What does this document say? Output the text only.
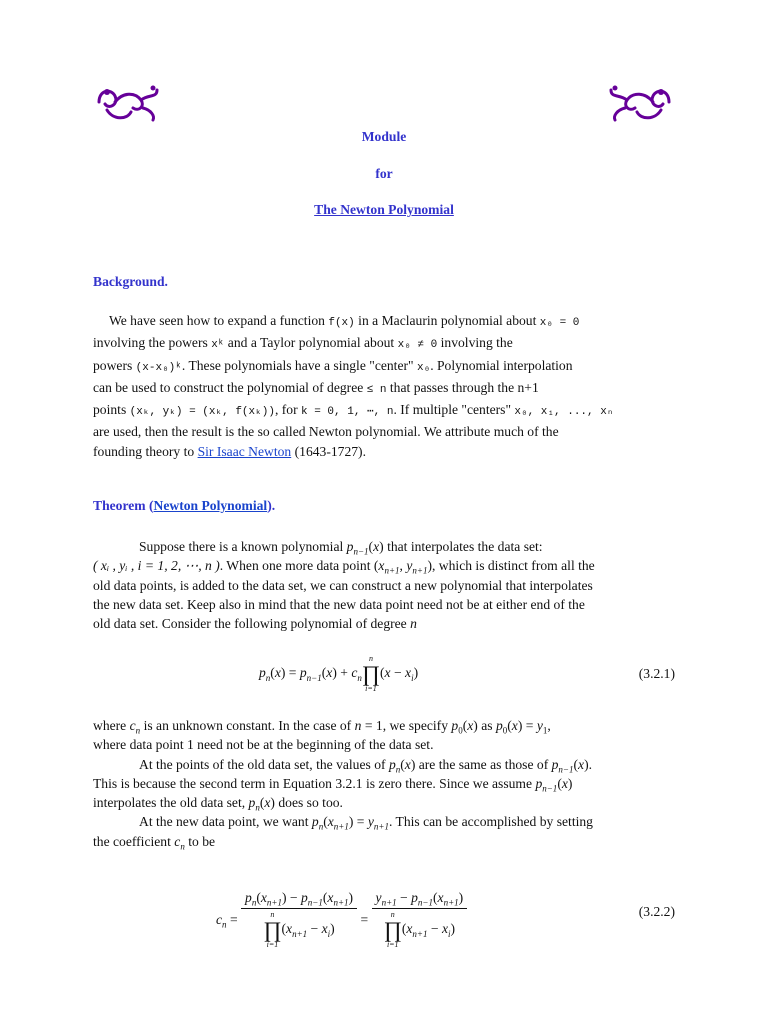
Module
for
The Newton Polynomial
Background.
We have seen how to expand a function f(x) in a Maclaurin polynomial about x₀ = 0
involving the powers xᵏ and a Taylor polynomial about x₀ ≠ 0 involving the
powers (x-x₀)ᵏ. These polynomials have a single "center" x₀. Polynomial interpolation
can be used to construct the polynomial of degree ≤ n that passes through the n+1
points (xₖ, yₖ) = (xₖ, f(xₖ)), for k = 0, 1, ⋯, n. If multiple "centers" x₀, x₁, ..., xₙ
are used, then the result is the so called Newton polynomial. We attribute much of the
founding theory to Sir Isaac Newton (1643-1727).
Theorem (Newton Polynomial).
Suppose there is a known polynomial $p_{n-1}(x)$ that interpolates the data set:
( xᵢ , yᵢ , i = 1, 2, ⋯, n ). When one more data point ($x_{n+1}$, $y_{n+1}$), which is distinct from all the
old data points, is added to the data set, we can construct a new polynomial that interpolates
the new data set. Keep also in mind that the new data point need not be at either end of the
old data set. Consider the following polynomial of degree n
$p_n(x) = p_{n-1}(x) + c_n$
n
∏
i=1
$(x - x_i)$	(3.2.1)
where $c_n$ is an unknown constant. In the case of n = 1, we specify $p_0(x)$ as $p_0(x) = y_1$,
where data point 1 need not be at the beginning of the data set.
At the points of the old data set, the values of $p_n(x)$ are the same as those of $p_{n-1}(x)$.
This is because the second term in Equation 3.2.1 is zero there. Since we assume $p_{n-1}(x)$
interpolates the old data set, $p_n(x)$ does so too.
At the new data point, we want $p_n(x_{n+1}) = y_{n+1}$. This can be accomplished by setting
the coefficient $c_n$ to be
$c_n = p_n(x_{n+1}) - p_{n-1}(x_{n+1})$
n
∏
i=1
$(x_{n+1} - x_i) = y_{n+1} - p_{n-1}(x_{n+1})$
n
∏
i=1
$(x_{n+1} - x_i)$	(3.2.2)
